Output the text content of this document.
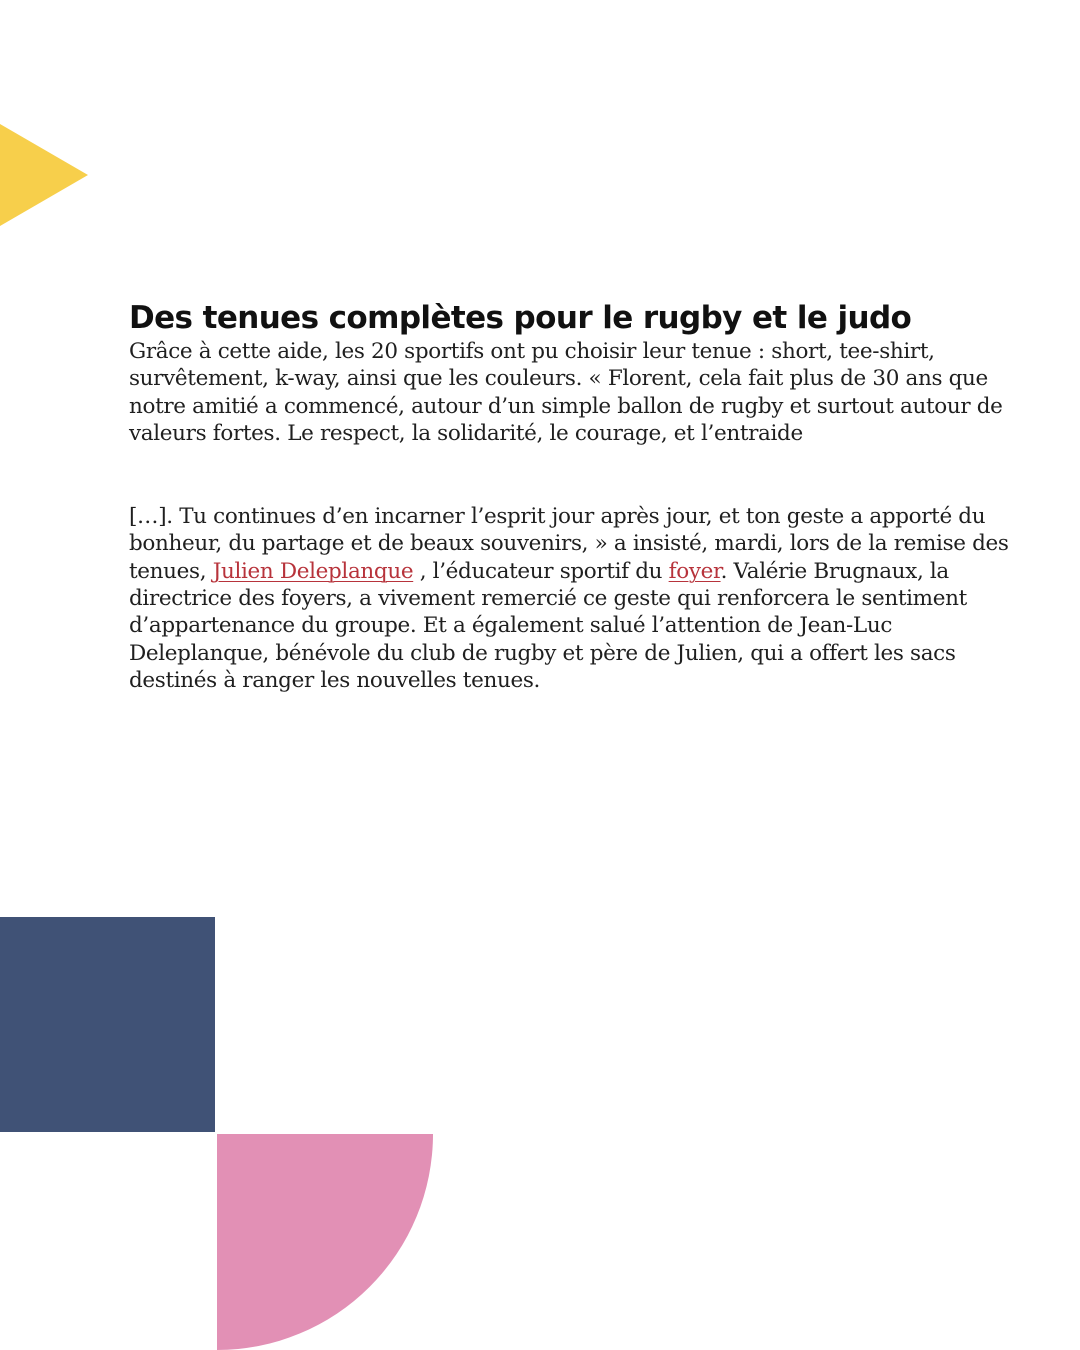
Des tenues complètes pour le rugby et le judo

Grâce à cette aide, les 20 sportifs ont pu choisir leur tenue : short, tee-shirt, survêtement, k-way, ainsi que les couleurs. « Florent, cela fait plus de 30 ans que notre amitié a commencé, autour d’un simple ballon de rugby et surtout autour de valeurs fortes. Le respect, la solidarité, le courage, et l’entraide

[…]. Tu continues d’en incarner l’esprit jour après jour, et ton geste a apporté du bonheur, du partage et de beaux souvenirs, » a insisté, mardi, lors de la remise des tenues, Julien Deleplanque , l’éducateur sportif du foyer. Valérie Brugnaux, la directrice des foyers, a vivement remercié ce geste qui renforcera le sentiment d’appartenance du groupe. Et a également salué l’attention de Jean-Luc Deleplanque, bénévole du club de rugby et père de Julien, qui a offert les sacs destinés à ranger les nouvelles tenues.
